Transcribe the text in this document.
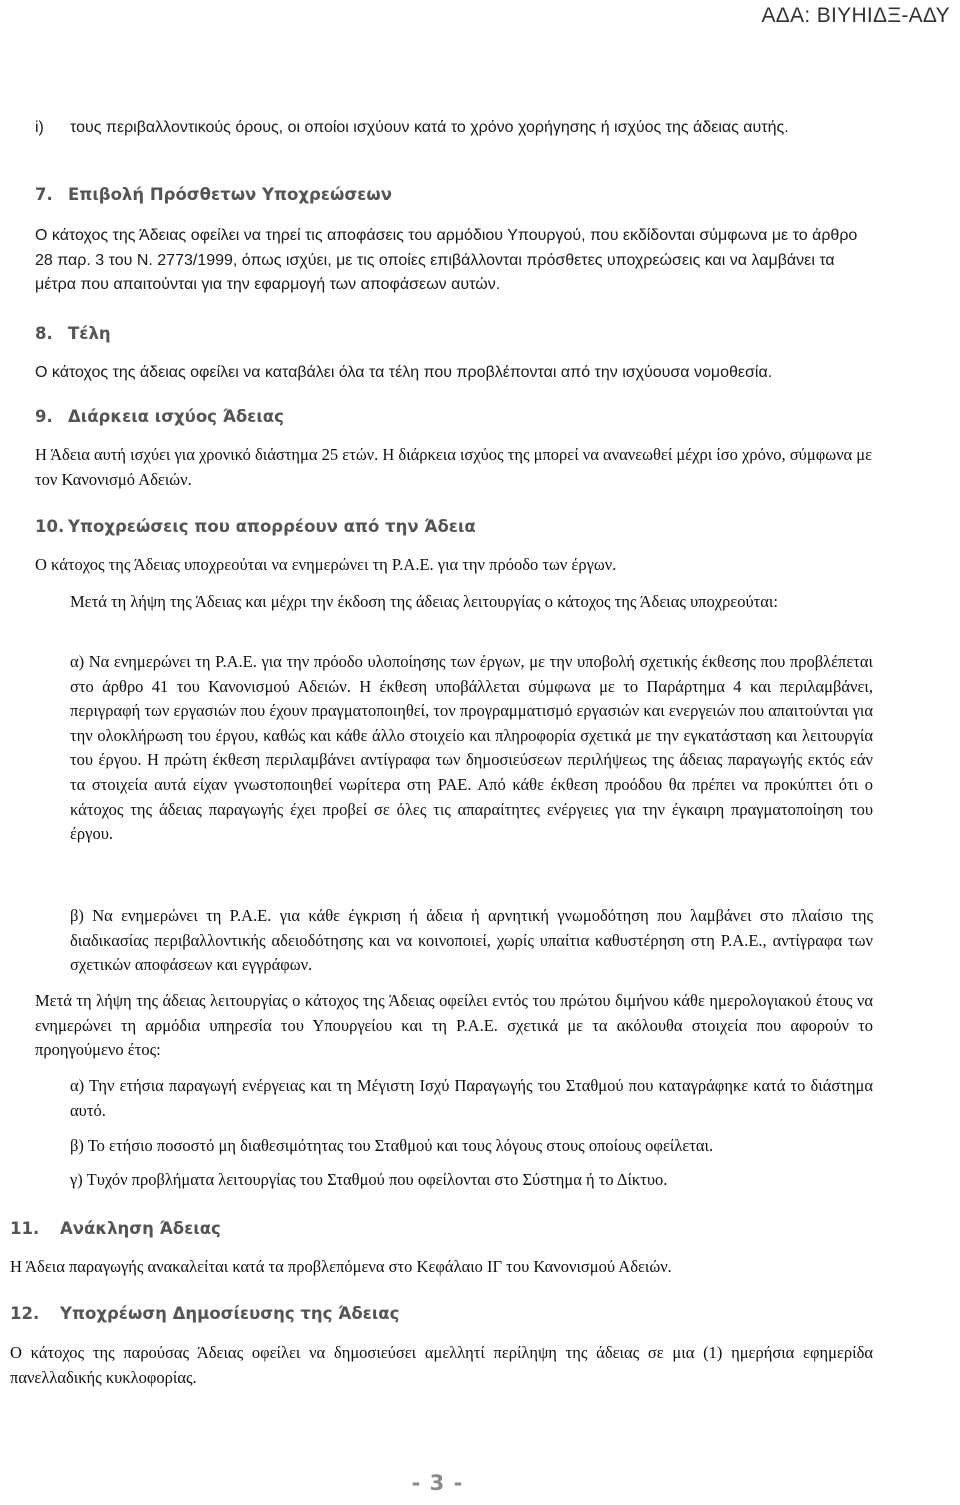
ΑΔΑ: ΒΙΥΗΙΔΞ-ΑΔΥ
i)	τους περιβαλλοντικούς όρους, οι οποίοι ισχύουν κατά το χρόνο χορήγησης ή ισχύος της άδειας αυτής.
7. Επιβολή Πρόσθετων Υποχρεώσεων
Ο κάτοχος της Άδειας οφείλει να τηρεί τις αποφάσεις του αρμόδιου Υπουργού, που εκδίδονται σύμφωνα με το άρθρο 28 παρ. 3 του Ν. 2773/1999, όπως ισχύει, με τις οποίες επιβάλλονται πρόσθετες υποχρεώσεις και να λαμβάνει τα μέτρα που απαιτούνται για την εφαρμογή των αποφάσεων αυτών.
8. Τέλη
Ο κάτοχος της άδειας οφείλει να καταβάλει όλα τα τέλη που προβλέπονται από την ισχύουσα νομοθεσία.
9. Διάρκεια ισχύος Άδειας
Η Άδεια αυτή ισχύει για χρονικό διάστημα 25 ετών. Η διάρκεια ισχύος της μπορεί να ανανεωθεί μέχρι ίσο χρόνο, σύμφωνα με τον Κανονισμό Αδειών.
10. Υποχρεώσεις που απορρέουν από την Άδεια
Ο κάτοχος της Άδειας υποχρεούται να ενημερώνει τη Ρ.Α.Ε. για την πρόοδο των έργων.
Μετά τη λήψη της Άδειας και μέχρι την έκδοση της άδειας λειτουργίας ο κάτοχος της Άδειας υποχρεούται:
α) Να ενημερώνει τη Ρ.Α.Ε. για την πρόοδο υλοποίησης των έργων, με την υποβολή σχετικής έκθεσης που προβλέπεται στο άρθρο 41 του Κανονισμού Αδειών. Η έκθεση υποβάλλεται σύμφωνα με το Παράρτημα 4 και περιλαμβάνει, περιγραφή των εργασιών που έχουν πραγματοποιηθεί, τον προγραμματισμό εργασιών και ενεργειών που απαιτούνται για την ολοκλήρωση του έργου, καθώς και κάθε άλλο στοιχείο και πληροφορία σχετικά με την εγκατάσταση και λειτουργία του έργου. Η πρώτη έκθεση περιλαμβάνει αντίγραφα των δημοσιεύσεων περιλήψεως της άδειας παραγωγής εκτός εάν τα στοιχεία αυτά είχαν γνωστοποιηθεί νωρίτερα στη ΡΑΕ. Από κάθε έκθεση προόδου θα πρέπει να προκύπτει ότι ο κάτοχος της άδειας παραγωγής έχει προβεί σε όλες τις απαραίτητες ενέργειες για την έγκαιρη πραγματοποίηση του έργου.
β) Να ενημερώνει τη Ρ.Α.Ε. για κάθε έγκριση ή άδεια ή αρνητική γνωμοδότηση που λαμβάνει στο πλαίσιο της διαδικασίας περιβαλλοντικής αδειοδότησης και να κοινοποιεί, χωρίς υπαίτια καθυστέρηση στη Ρ.Α.Ε., αντίγραφα των σχετικών αποφάσεων και εγγράφων.
Μετά τη λήψη της άδειας λειτουργίας ο κάτοχος της Άδειας οφείλει εντός του πρώτου διμήνου κάθε ημερολογιακού έτους να ενημερώνει τη αρμόδια υπηρεσία του Υπουργείου και τη Ρ.Α.Ε. σχετικά με τα ακόλουθα στοιχεία που αφορούν το προηγούμενο έτος:
α) Την ετήσια παραγωγή ενέργειας και τη Μέγιστη Ισχύ Παραγωγής του Σταθμού που καταγράφηκε κατά το διάστημα αυτό.
β) Το ετήσιο ποσοστό μη διαθεσιμότητας του Σταθμού και τους λόγους στους οποίους οφείλεται.
γ) Τυχόν προβλήματα λειτουργίας του Σταθμού που οφείλονται στο Σύστημα ή το Δίκτυο.
11. Ανάκληση Άδειας
Η Άδεια παραγωγής ανακαλείται κατά τα προβλεπόμενα στο Κεφάλαιο ΙΓ του Κανονισμού Αδειών.
12. Υποχρέωση Δημοσίευσης της Άδειας
Ο κάτοχος της παρούσας Άδειας οφείλει να δημοσιεύσει αμελλητί περίληψη της άδειας σε μια (1) ημερήσια εφημερίδα πανελλαδικής κυκλοφορίας.
- 3 -
